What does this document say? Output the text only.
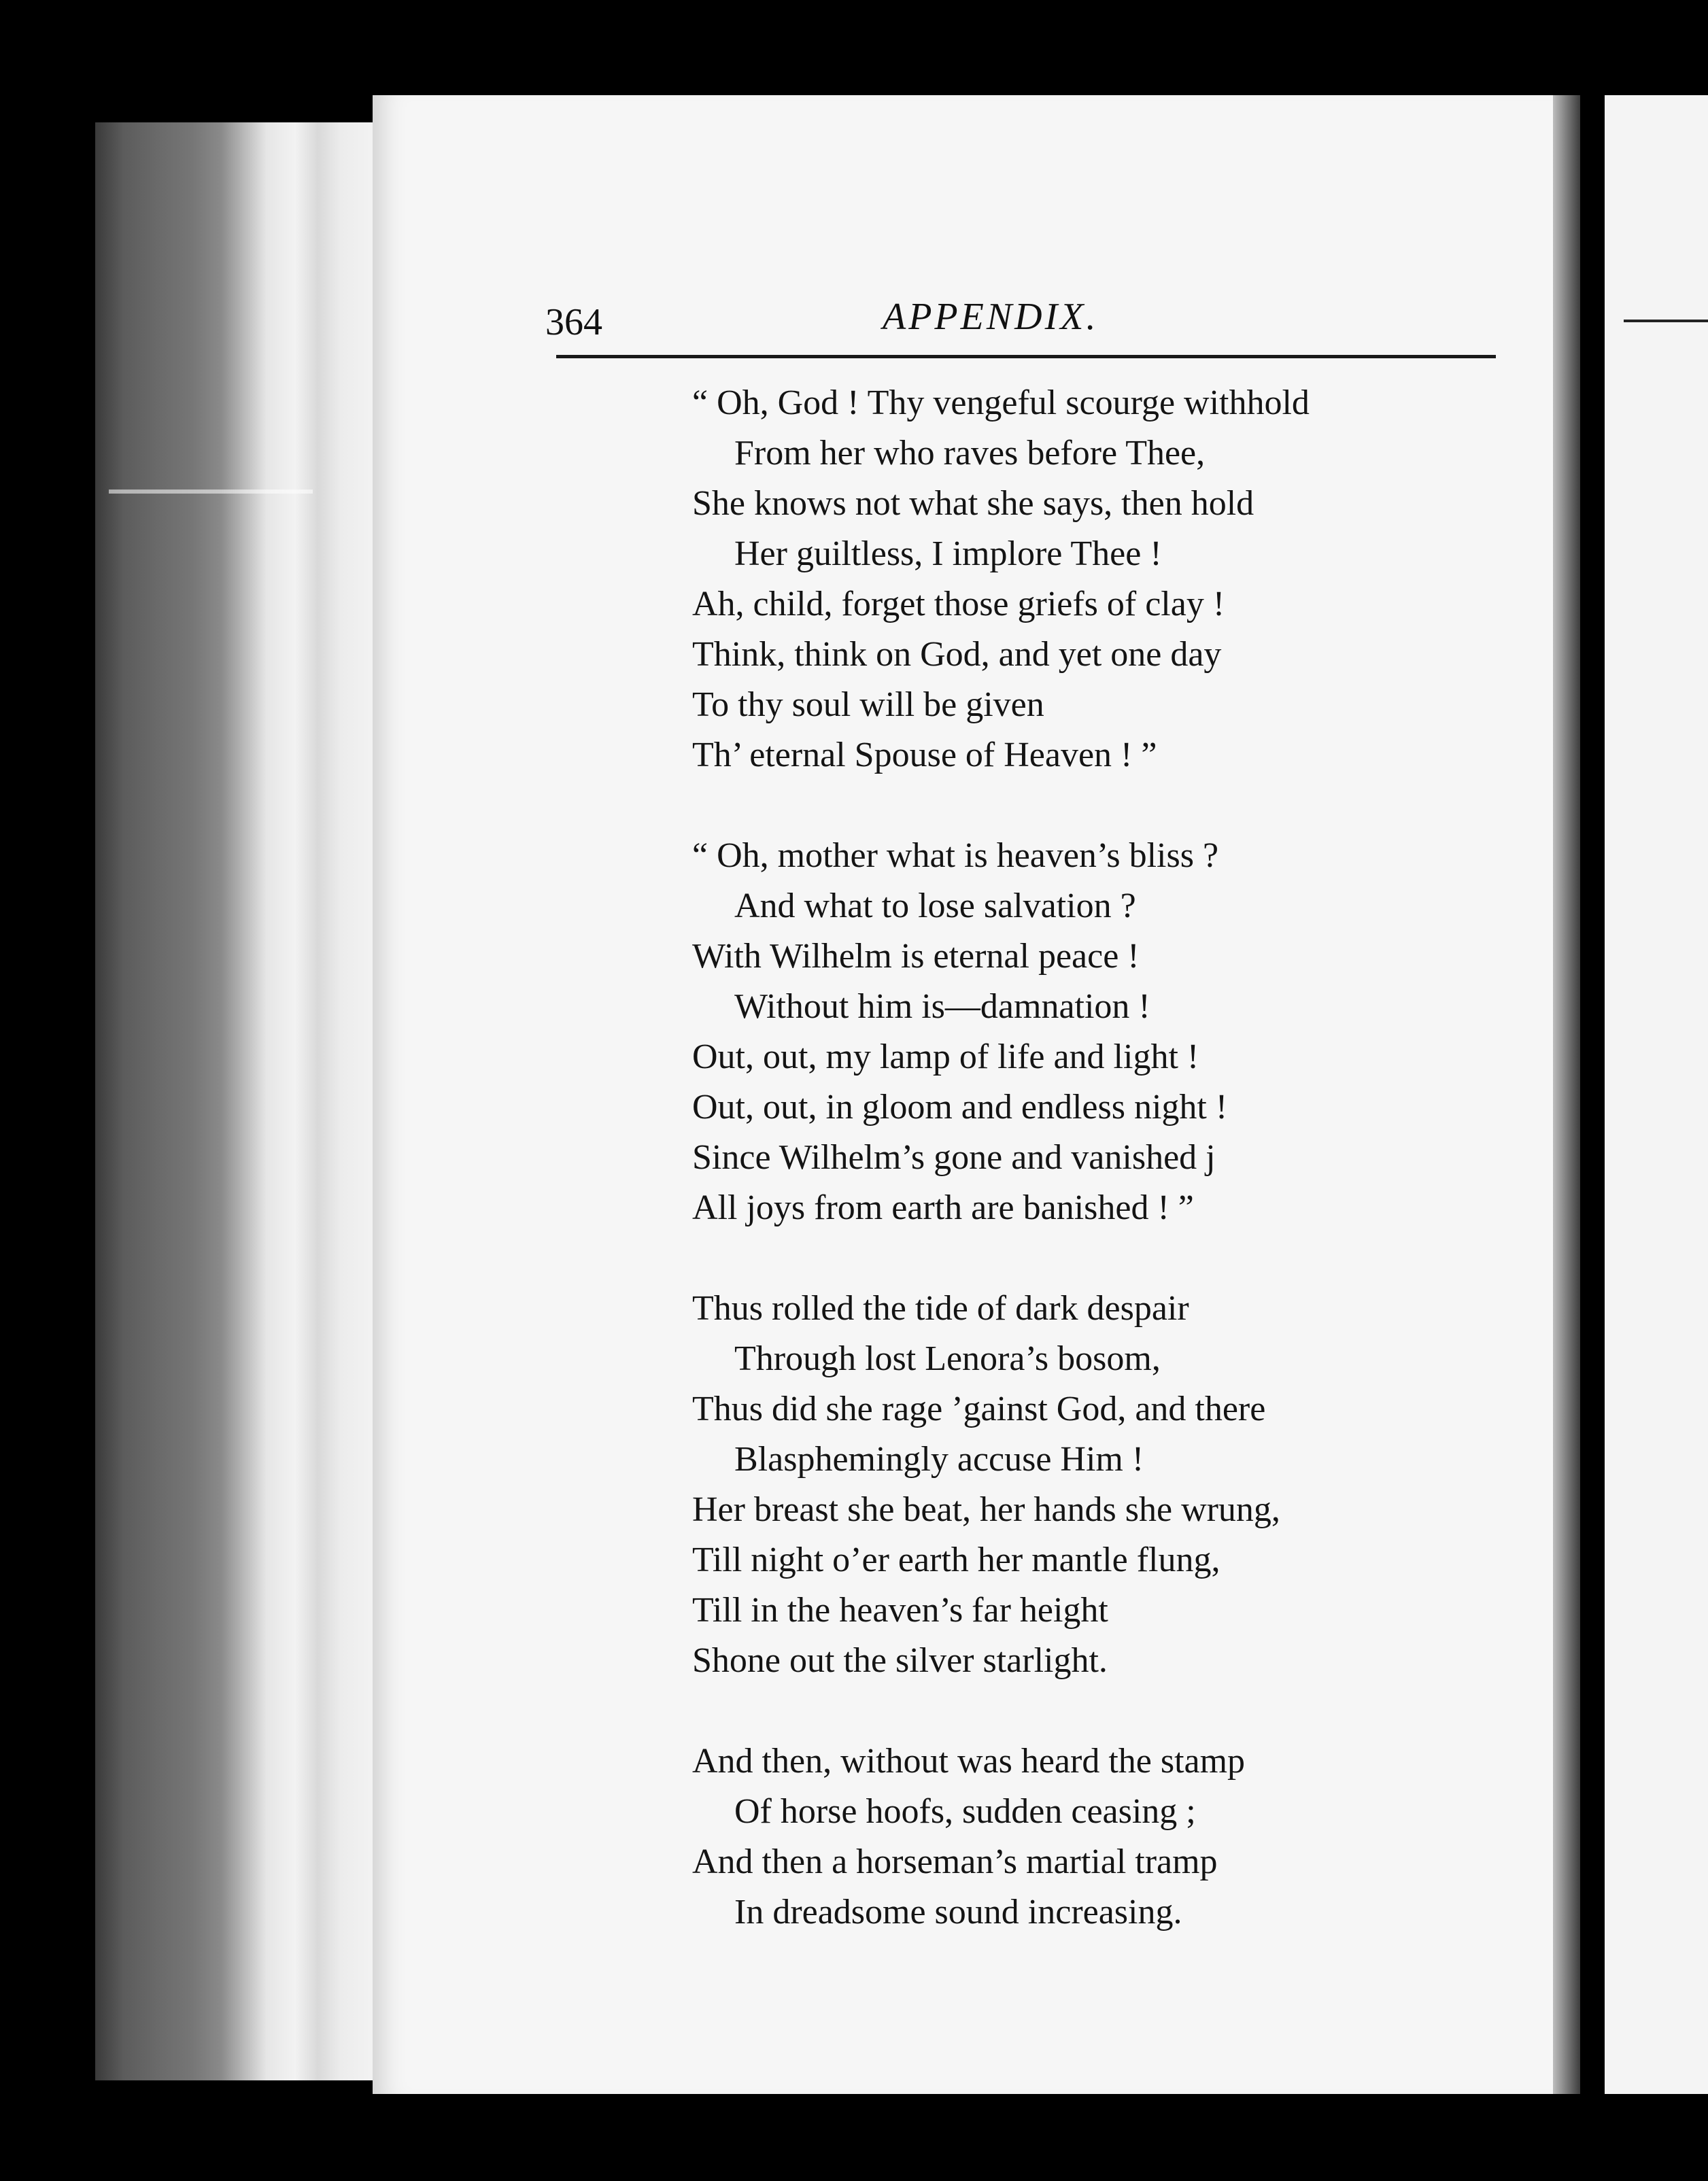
364	APPENDIX.
“ Oh, God ! Thy vengeful scourge withhold
From her who raves before Thee,
She knows not what she says, then hold
Her guiltless, I implore Thee !
Ah, child, forget those griefs of clay !
Think, think on God, and yet one day
To thy soul will be given
Th’ eternal Spouse of Heaven ! ”
“ Oh, mother what is heaven’s bliss ?
And what to lose salvation ?
With Wilhelm is eternal peace !
Without him is—damnation !
Out, out, my lamp of life and light !
Out, out, in gloom and endless night !
Since Wilhelm’s gone and vanished j
All joys from earth are banished ! ”
Thus rolled the tide of dark despair
Through lost Lenora’s bosom,
Thus did she rage ’gainst God, and there
Blasphemingly accuse Him !
Her breast she beat, her hands she wrung,
Till night o’er earth her mantle flung,
Till in the heaven’s far height
Shone out the silver starlight.
And then, without was heard the stamp
Of horse hoofs, sudden ceasing ;
And then a horseman’s martial tramp
In dreadsome sound increasing.
